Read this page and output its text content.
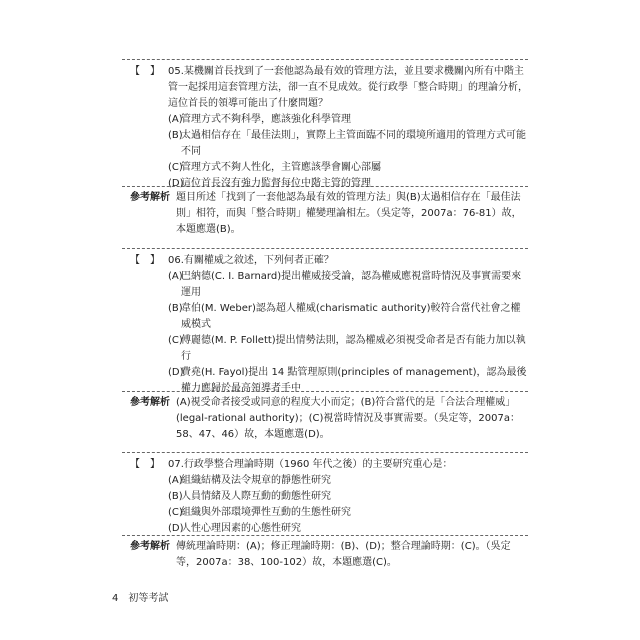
【　】 05.某機關首長找到了一套他認為最有效的管理方法，並且要求機關內所有中階主管一起採用這套管理方法，卻一直不見成效。從行政學「整合時期」的理論分析，這位首長的領導可能出了什麼問題？
(A)
管理方式不夠科學，應該強化科學管理
(B)
太過相信存在「最佳法則」，實際上主管面臨不同的環境所適用的管理方式可能不同
(C)
管理方式不夠人性化，主管應該學會關心部屬
(D)
這位首長沒有強力監督每位中階主管的管理
參考解析 題目所述「找到了一套他認為最有效的管理方法」與(B)太過相信存在「最佳法則」相符，而與「整合時期」權變理論相左。（吳定等，2007a：76-81）故，本題應選(B)。
【　】 06.有關權威之敘述，下列何者正確？
(A)
巴納德(C. I. Barnard)提出權威接受論，認為權威應視當時情況及事實需要來運用
(B)
韋伯(M. Weber)認為超人權威(charismatic authority)較符合當代社會之權威模式
(C)
傅麗德(M. P. Follett)提出情勢法則，認為權威必須視受命者是否有能力加以執行
(D)
費堯(H. Fayol)提出 14 點管理原則(principles of management)，認為最後權力應歸於最高領導者手中
參考解析 (A)視受命者接受或同意的程度大小而定；(B)符合當代的是「合法合理權威」(legal-rational authority)；(C)視當時情況及事實需要。（吳定等，2007a：58、47、46）故，本題應選(D)。
【　】 07.行政學整合理論時期（1960 年代之後）的主要研究重心是：
(A)
組織結構及法令規章的靜態性研究
(B)
人員情緒及人際互動的動態性研究
(C)
組織與外部環境彈性互動的生態性研究
(D)
人性心理因素的心態性研究
參考解析 傳統理論時期：(A)；修正理論時期：(B)、(D)；整合理論時期：(C)。（吳定等，2007a：38、100-102）故，本題應選(C)。
4 初等考試
